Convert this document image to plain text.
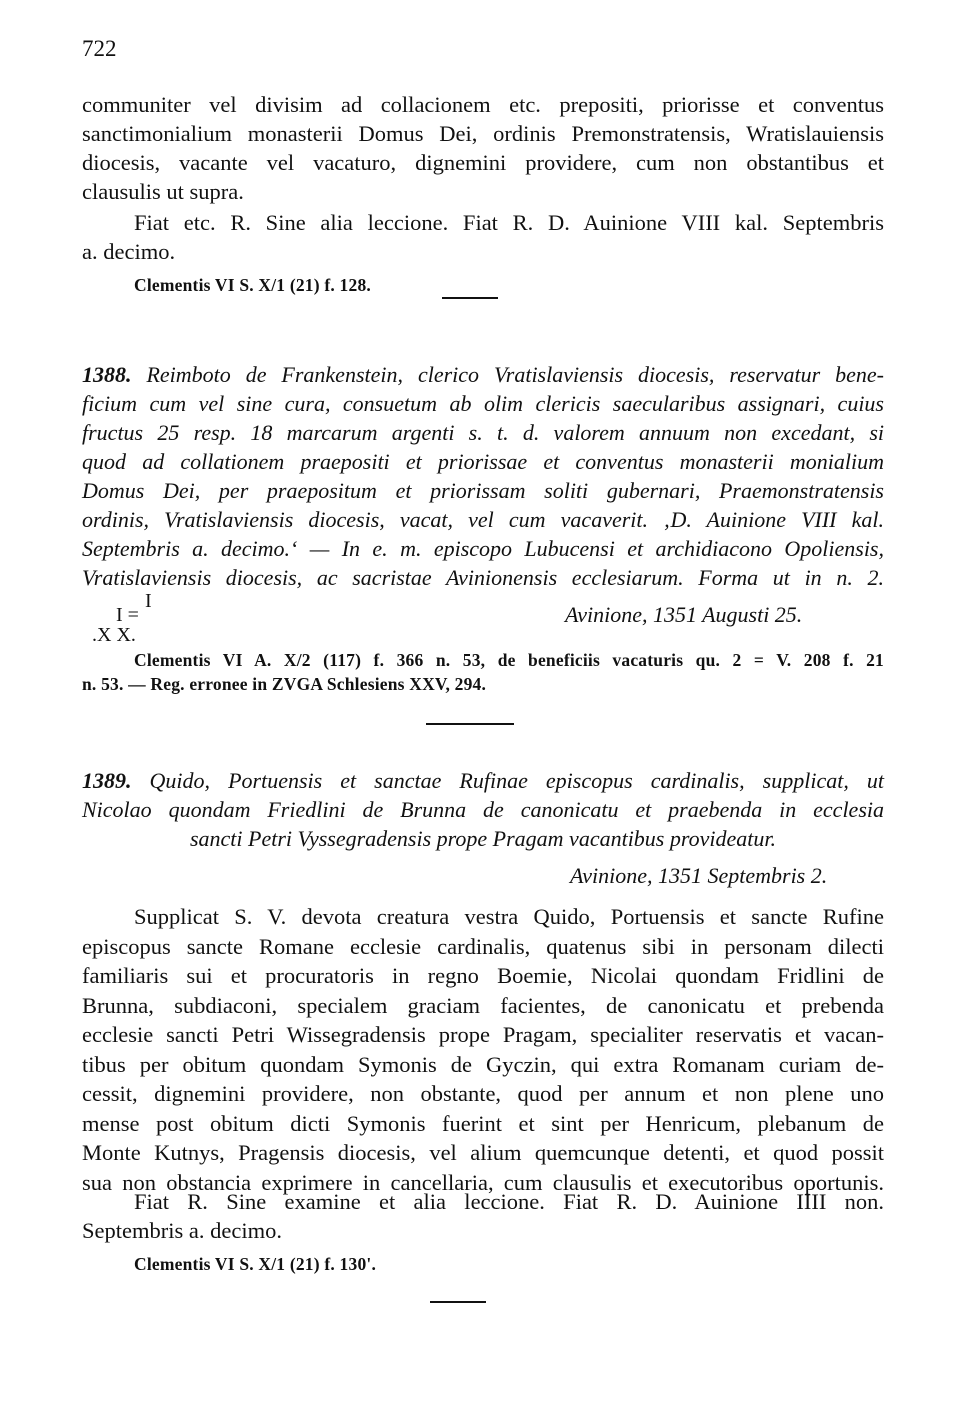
722
communiter vel divisim ad collacionem etc. prepositi, priorisse et conventus
sanctimonialium monasterii Domus Dei, ordinis Premonstratensis, Wratislauiensis
diocesis, vacante vel vacaturo, dignemini providere, cum non obstantibus et
clausulis ut supra.
Fiat etc. R. Sine alia leccione. Fiat R. D. Auinione VIII kal. Septembris
a. decimo.
Clementis VI S. X/1 (21) f. 128.
1388. Reimboto de Frankenstein, clerico Vratislaviensis diocesis, reservatur bene-
ficium cum vel sine cura, consuetum ab olim clericis saecularibus assignari, cuius
fructus 25 resp. 18 marcarum argenti s. t. d. valorem annuum non excedant, si
quod ad collationem praepositi et priorissae et conventus monasterii monialium
Domus Dei, per praepositum et priorissam soliti gubernari, Praemonstratensis
ordinis, Vratislaviensis diocesis, vacat, vel cum vacaverit. ‚D. Auinione VIII kal.
Septembris a. decimo.‘ — In e. m. episcopo Lubucensi et archidiacono Opoliensis,
Vratislaviensis diocesis, ac sacristae Avinionensis ecclesiarum. Forma ut in n. 2.
I
I =
.X X.
Avinione, 1351 Augusti 25.
Clementis VI A. X/2 (117) f. 366 n. 53, de beneficiis vacaturis qu. 2 = V. 208 f. 21
n. 53. — Reg. erronee in ZVGA Schlesiens XXV, 294.
1389. Quido, Portuensis et sanctae Rufinae episcopus cardinalis, supplicat, ut
Nicolao quondam Friedlini de Brunna de canonicatu et praebenda in ecclesia
sancti Petri Vyssegradensis prope Pragam vacantibus provideatur.
Avinione, 1351 Septembris 2.
Supplicat S. V. devota creatura vestra Quido, Portuensis et sancte Rufine
episcopus sancte Romane ecclesie cardinalis, quatenus sibi in personam dilecti
familiaris sui et procuratoris in regno Boemie, Nicolai quondam Fridlini de
Brunna, subdiaconi, specialem graciam facientes, de canonicatu et prebenda
ecclesie sancti Petri Wissegradensis prope Pragam, specialiter reservatis et vacan-
tibus per obitum quondam Symonis de Gyczin, qui extra Romanam curiam de-
cessit, dignemini providere, non obstante, quod per annum et non plene uno
mense post obitum dicti Symonis fuerint et sint per Henricum, plebanum de
Monte Kutnys, Pragensis diocesis, vel alium quemcunque detenti, et quod possit
sua non obstancia exprimere in cancellaria, cum clausulis et executoribus oportunis.
Fiat R. Sine examine et alia leccione. Fiat R. D. Auinione IIII non.
Septembris a. decimo.
Clementis VI S. X/1 (21) f. 130'.
